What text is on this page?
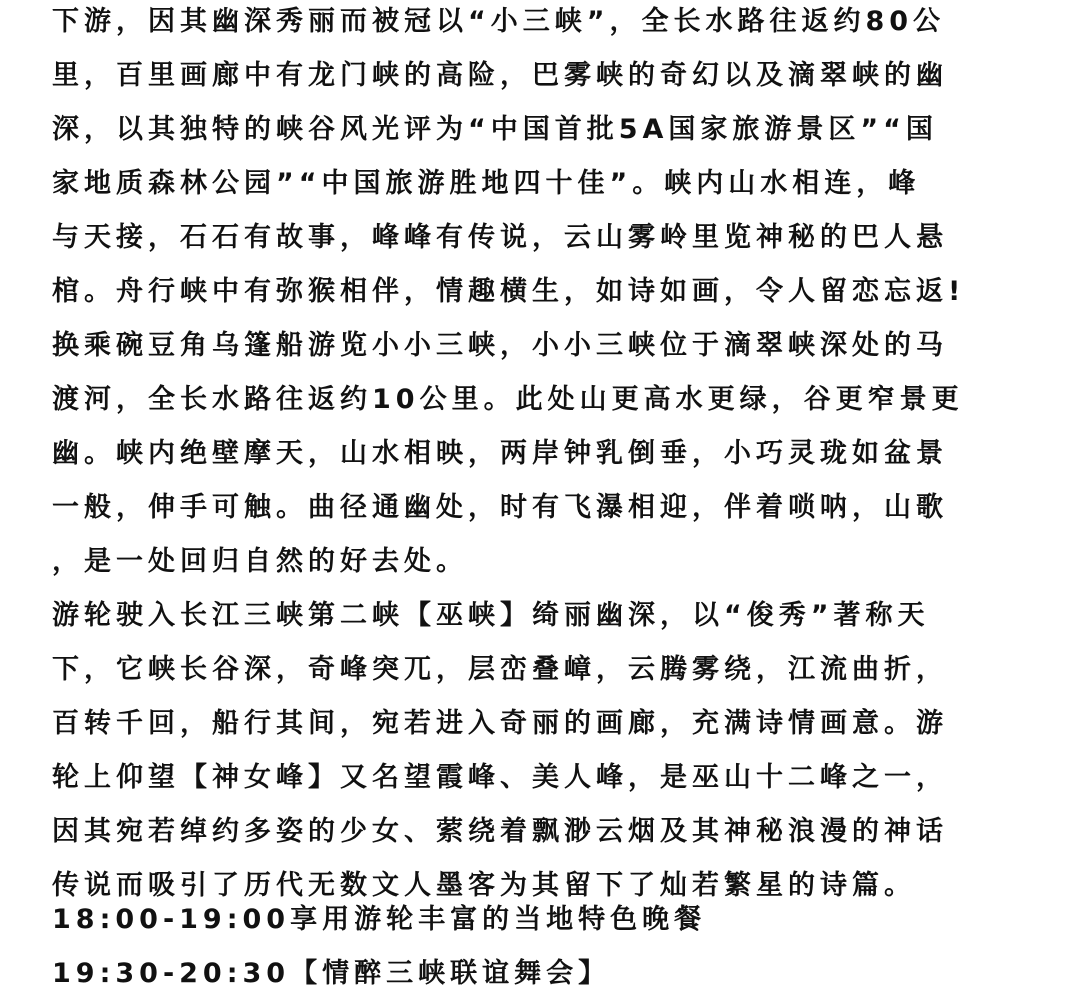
下游，因其幽深秀丽而被冠以“小三峡”，全长水路往返约80公
里，百里画廊中有龙门峡的高险，巴雾峡的奇幻以及滴翠峡的幽
深，以其独特的峡谷风光评为“中国首批5A国家旅游景区”“国
家地质森林公园”“中国旅游胜地四十佳”。峡内山水相连，峰
与天接，石石有故事，峰峰有传说，云山雾岭里览神秘的巴人悬
棺。舟行峡中有弥猴相伴，情趣横生，如诗如画，令人留恋忘返!
换乘碗豆角乌篷船游览小小三峡，小小三峡位于滴翠峡深处的马
渡河，全长水路往返约10公里。此处山更高水更绿，谷更窄景更
幽。峡内绝壁摩天，山水相映，两岸钟乳倒垂，小巧灵珑如盆景
一般，伸手可触。曲径通幽处，时有飞瀑相迎，伴着唢呐，山歌
，是一处回归自然的好去处。
游轮驶入长江三峡第二峡【巫峡】绮丽幽深，以“俊秀”著称天
下，它峡长谷深，奇峰突兀，层峦叠嶂，云腾雾绕，江流曲折，
百转千回，船行其间，宛若进入奇丽的画廊，充满诗情画意。游
轮上仰望【神女峰】又名望霞峰、美人峰，是巫山十二峰之一，
因其宛若绰约多姿的少女、萦绕着飘渺云烟及其神秘浪漫的神话
传说而吸引了历代无数文人墨客为其留下了灿若繁星的诗篇。
18:00-19:00享用游轮丰富的当地特色晚餐
19:30-20:30【情醉三峡联谊舞会】
